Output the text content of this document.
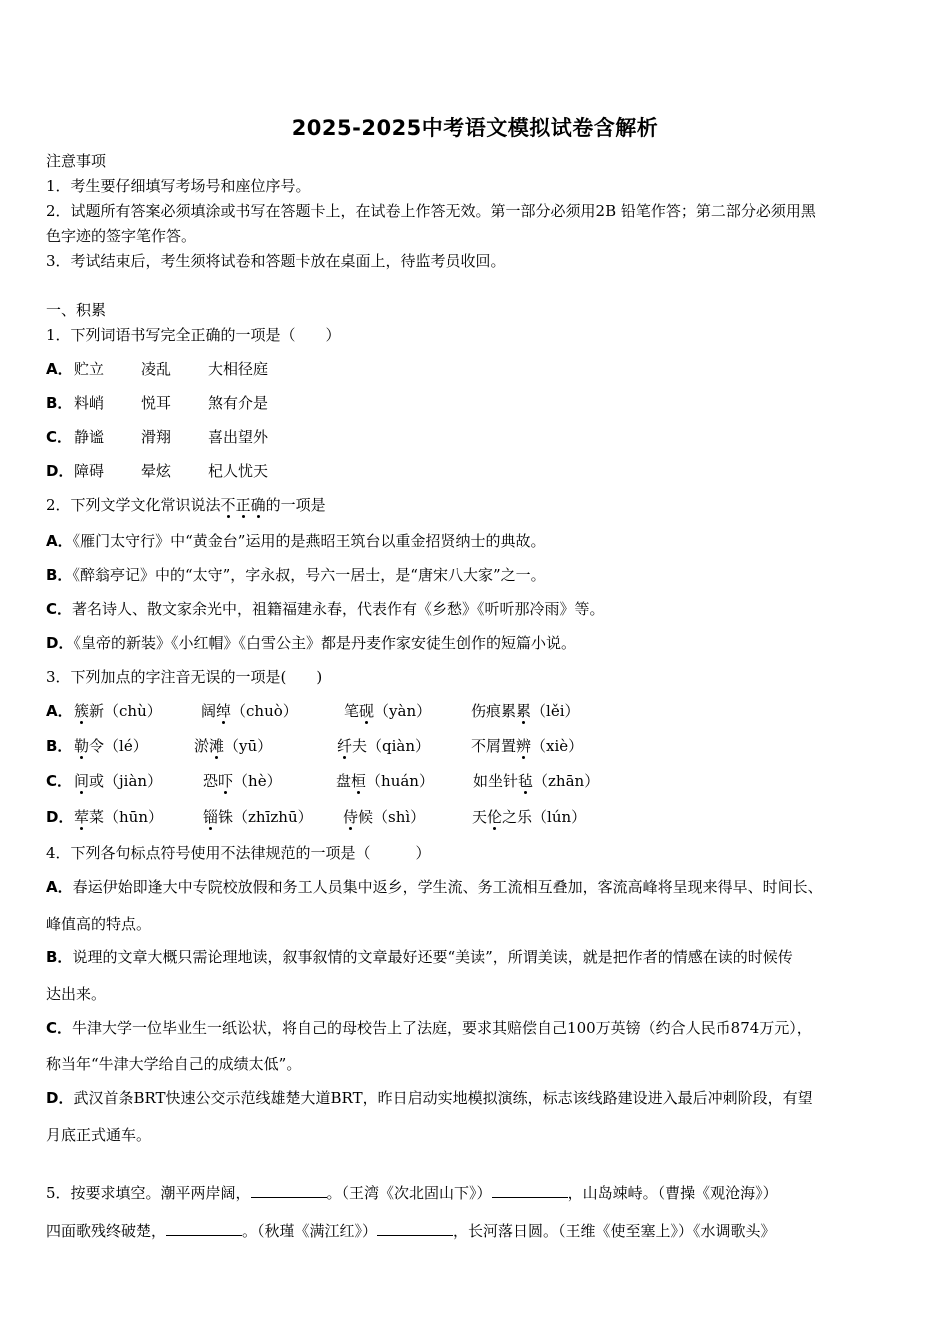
2025-2025中考语文模拟试卷含解析
注意事项
1．考生要仔细填写考场号和座位序号。
2．试题所有答案必须填涂或书写在答题卡上，在试卷上作答无效。第一部分必须用2B 铅笔作答；第二部分必须用黑
色字迹的签字笔作答。
3．考试结束后，考生须将试卷和答题卡放在桌面上，待监考员收回。
一、积累
1．下列词语书写完全正确的一项是（　　）
A． 贮立 凌乱 大相径庭
B． 料峭 悦耳 煞有介是
C． 静谧 滑翔 喜出望外
D． 障碍 晕炫 杞人忧天
2．下列文学文化常识说法不正确的一项是
A．《雁门太守行》中“黄金台”运用的是燕昭王筑台以重金招贤纳士的典故。
B．《醉翁亭记》中的“太守”，字永叔，号六一居士，是“唐宋八大家”之一。
C．著名诗人、散文家余光中，祖籍福建永春，代表作有《乡愁》《听听那冷雨》等。
D．《皇帝的新装》《小红帽》《白雪公主》都是丹麦作家安徒生创作的短篇小说。
3．下列加点的字注音无误的一项是(　　)
A． 簇新（chù）	阔绰（chuò）	笔砚（yàn）	伤痕累累（lěi）
B． 勒令（lé）	淤滩（yū）	纤夫（qiàn）	不屑置辨（xiè）
C． 间或（jiàn）	恐吓（hè）	盘桓（huán）	如坐针毡（zhān）
D． 荤菜（hūn）	锱铢（zhīzhū） 侍候（shì）	天伦之乐（lún）
4．下列各句标点符号使用不法律规范的一项是（　　　）
A．春运伊始即逢大中专院校放假和务工人员集中返乡，学生流、务工流相互叠加，客流高峰将呈现来得早、时间长、
峰值高的特点。
B．说理的文章大概只需论理地读，叙事叙情的文章最好还要“美读”，所谓美读，就是把作者的情感在读的时候传
达出来。
C．牛津大学一位毕业生一纸讼状，将自己的母校告上了法庭，要求其赔偿自己100万英镑（约合人民币874万元），
称当年“牛津大学给自己的成绩太低”。
D．武汉首条BRT快速公交示范线雄楚大道BRT，昨日启动实地模拟演练，标志该线路建设进入最后冲刺阶段，有望
月底正式通车。
5．按要求填空。潮平两岸阔，	。（王湾《次北固山下》）	，山岛竦峙。（曹操《观沧海》）
四面歌残终破楚，	。（秋瑾《满江红》）	，长河落日圆。（王维《使至塞上》）《水调歌头》
